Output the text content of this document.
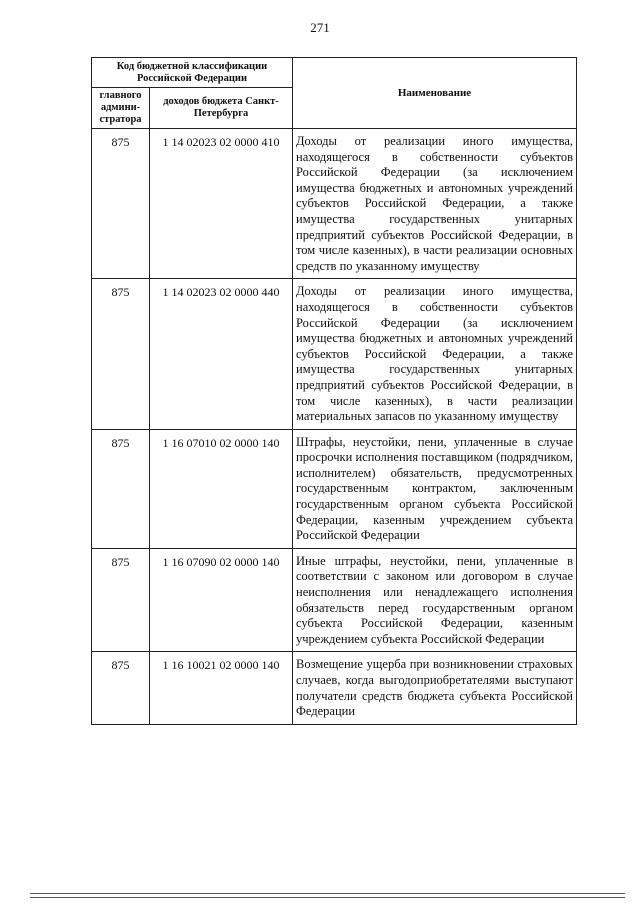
271
Код бюджетной классификации Российской Федерации		Наименование
главного админи-стратора	доходов бюджета Санкт-Петербурга	
875	1 14 02023 02 0000 410	Доходы от реализации иного имущества, находящегося в собственности субъектов Российской Федерации (за исключением имущества бюджетных и автономных учреждений субъектов Российской Федерации, а также имущества государственных унитарных предприятий субъектов Российской Федерации, в том числе казенных), в части реализации основных средств по указанному имуществу
875	1 14 02023 02 0000 440	Доходы от реализации иного имущества, находящегося в собственности субъектов Российской Федерации (за исключением имущества бюджетных и автономных учреждений субъектов Российской Федерации, а также имущества государственных унитарных предприятий субъектов Российской Федерации, в том числе казенных), в части реализации материальных запасов по указанному имуществу
875	1 16 07010 02 0000 140	Штрафы, неустойки, пени, уплаченные в случае просрочки исполнения поставщиком (подрядчиком, исполнителем) обязательств, предусмотренных государственным контрактом, заключенным государственным органом субъекта Российской Федерации, казенным учреждением субъекта Российской Федерации
875	1 16 07090 02 0000 140	Иные штрафы, неустойки, пени, уплаченные в соответствии с законом или договором в случае неисполнения или ненадлежащего исполнения обязательств перед государственным органом субъекта Российской Федерации, казенным учреждением субъекта Российской Федерации
875	1 16 10021 02 0000 140	Возмещение ущерба при возникновении страховых случаев, когда выгодоприобретателями выступают получатели средств бюджета субъекта Российской Федерации
